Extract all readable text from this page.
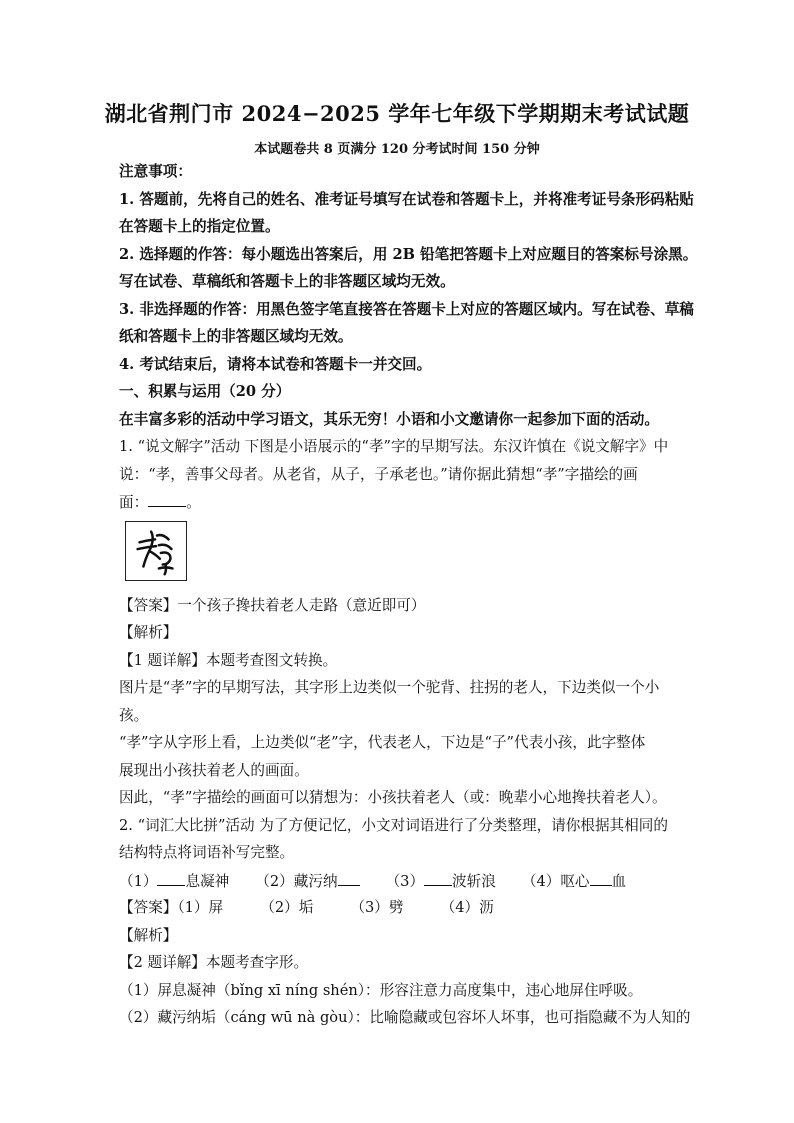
湖北省荆门市 2024−2025 学年七年级下学期期末考试试题
本试题卷共 8 页满分 120 分考试时间 150 分钟
注意事项：
1. 答题前，先将自己的姓名、准考证号填写在试卷和答题卡上，并将准考证号条形码粘贴
在答题卡上的指定位置。
2. 选择题的作答：每小题选出答案后，用 2B 铅笔把答题卡上对应题目的答案标号涂黑。
写在试卷、草稿纸和答题卡上的非答题区域均无效。
3. 非选择题的作答：用黑色签字笔直接答在答题卡上对应的答题区域内。写在试卷、草稿
纸和答题卡上的非答题区域均无效。
4. 考试结束后，请将本试卷和答题卡一并交回。
一、积累与运用（20 分）
在丰富多彩的活动中学习语文，其乐无穷！小语和小文邀请你一起参加下面的活动。
1. “说文解字”活动 下图是小语展示的“孝”字的早期写法。东汉许慎在《说文解字》中
说：“孝，善事父母者。从老省，从子，子承老也。”请你据此猜想“孝”字描绘的画
面：	。
【答案】一个孩子搀扶着老人走路（意近即可）
【解析】
【1 题详解】本题考查图文转换。
图片是“孝”字的早期写法，其字形上边类似一个驼背、拄拐的老人，下边类似一个小
孩。
“孝”字从字形上看，上边类似“老”字，代表老人，下边是“子”代表小孩，此字整体
展现出小孩扶着老人的画面。
因此，“孝”字描绘的画面可以猜想为：小孩扶着老人（或：晚辈小心地搀扶着老人）。
2. “词汇大比拼”活动 为了方便记忆，小文对词语进行了分类整理，请你根据其相同的
结构特点将词语补写完整。
（1） 息凝神 （2）藏污纳	（3） 波斩浪 （4）呕心 血
【答案】（1）屏        （2）垢        （3）劈        （4）沥
【解析】
【2 题详解】本题考查字形。
（1）屏息凝神（bǐng xī níng shén）：形容注意力高度集中，违心地屏住呼吸。
（2）藏污纳垢（cáng wū nà gòu）：比喻隐藏或包容坏人坏事，也可指隐藏不为人知的
